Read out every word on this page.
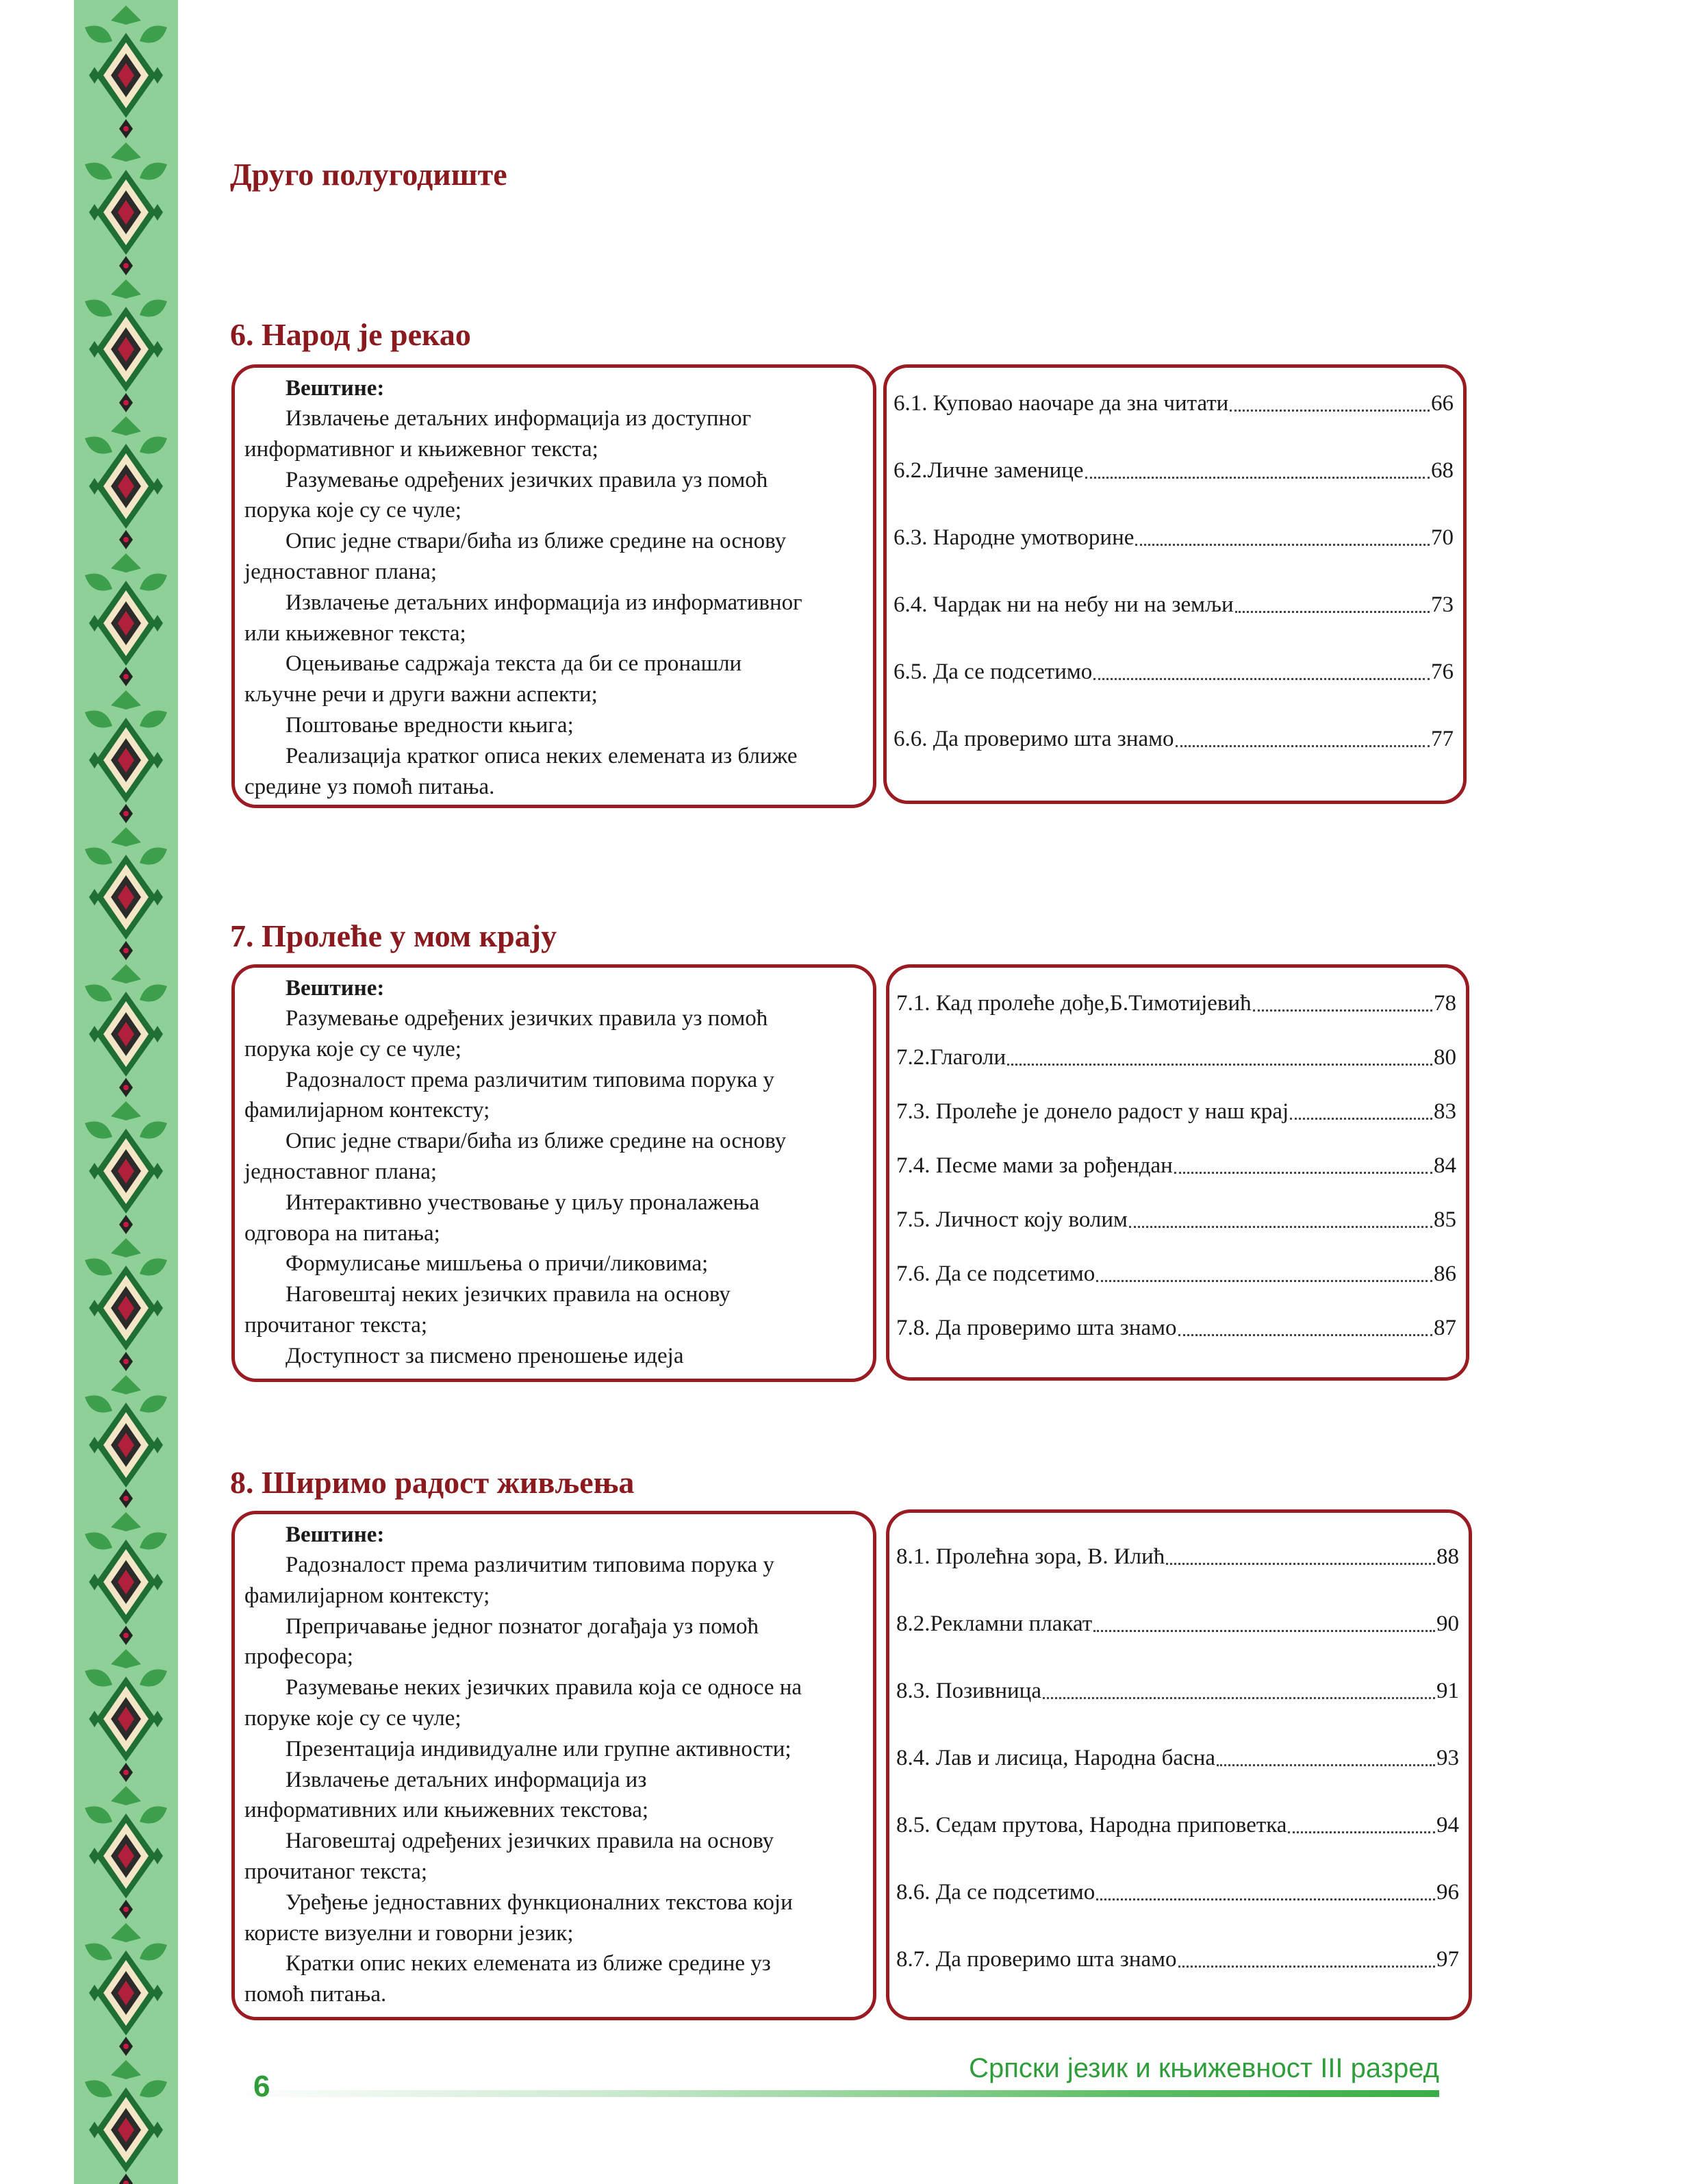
Друго полугодиште
6. Народ је рекао
Вештине:
Извлачење детаљних информација из доступног
информативног и књижевног текста;
Разумевање одређених језичких правила уз помоћ
порука које су се чуле;
Опис једне ствари/бића из ближе средине на основу
једноставног плана;
Извлачење детаљних информација из информативног
или књижевног текста;
Оцењивање садржаја текста да би се пронашли
кључне речи и други важни аспекти;
Поштовање вредности књига;
Реализација кратког описа неких елемената из ближе
средине уз помоћ питања.
6.1. Куповао наочаре да зна читати	66
6.2.Личне заменице	68
6.3. Народне умотворине	70
6.4. Чардак ни на небу ни на земљи	73
6.5. Да се подсетимо	76
6.6. Да проверимо шта знамо	77
7. Пролеће у мом крају
Вештине:
Разумевање одређених језичких правила уз помоћ
порука које су се чуле;
Радозналост према различитим типовима порука у
фамилијарном контексту;
Опис једне ствари/бића из ближе средине на основу
једноставног плана;
Интерактивно учествовање у циљу проналажења
одговора на питања;
Формулисање мишљења о причи/ликовима;
Наговештај неких језичких правила на основу
прочитаног текста;
Доступност за писмено преношење идеја
7.1. Кад пролеће дође,Б.Тимотијевић	78
7.2.Глаголи	80
7.3. Пролеће је донело радост у наш крај	83
7.4. Песме мами за рођендан	84
7.5. Личност коју волим	85
7.6. Да се подсетимо	86
7.8. Да проверимо шта знамо	87
8. Ширимо радост живљења
Вештине:
Радозналост према различитим типовима порука у
фамилијарном контексту;
Препричавање једног познатог догађаја уз помоћ
професора;
Разумевање неких језичких правила која се односе на
поруке које су се чуле;
Презентација индивидуалне или групне активности;
Извлачење детаљних информација из
информативних или књижевних текстова;
Наговештај одређених језичких правила на основу
прочитаног текста;
Уређење једноставних функционалних текстова који
користе визуелни и говорни језик;
Кратки опис неких елемената из ближе средине уз
помоћ питања.
8.1. Пролећна зора, В. Илић	88
8.2.Рекламни плакат	90
8.3. Позивница	91
8.4. Лав и лисица, Народна басна	93
8.5. Седам прутова, Народна приповетка	94
8.6. Да се подсетимо	96
8.7. Да проверимо шта знамо	97
6
Српски језик и књижевност III разред
